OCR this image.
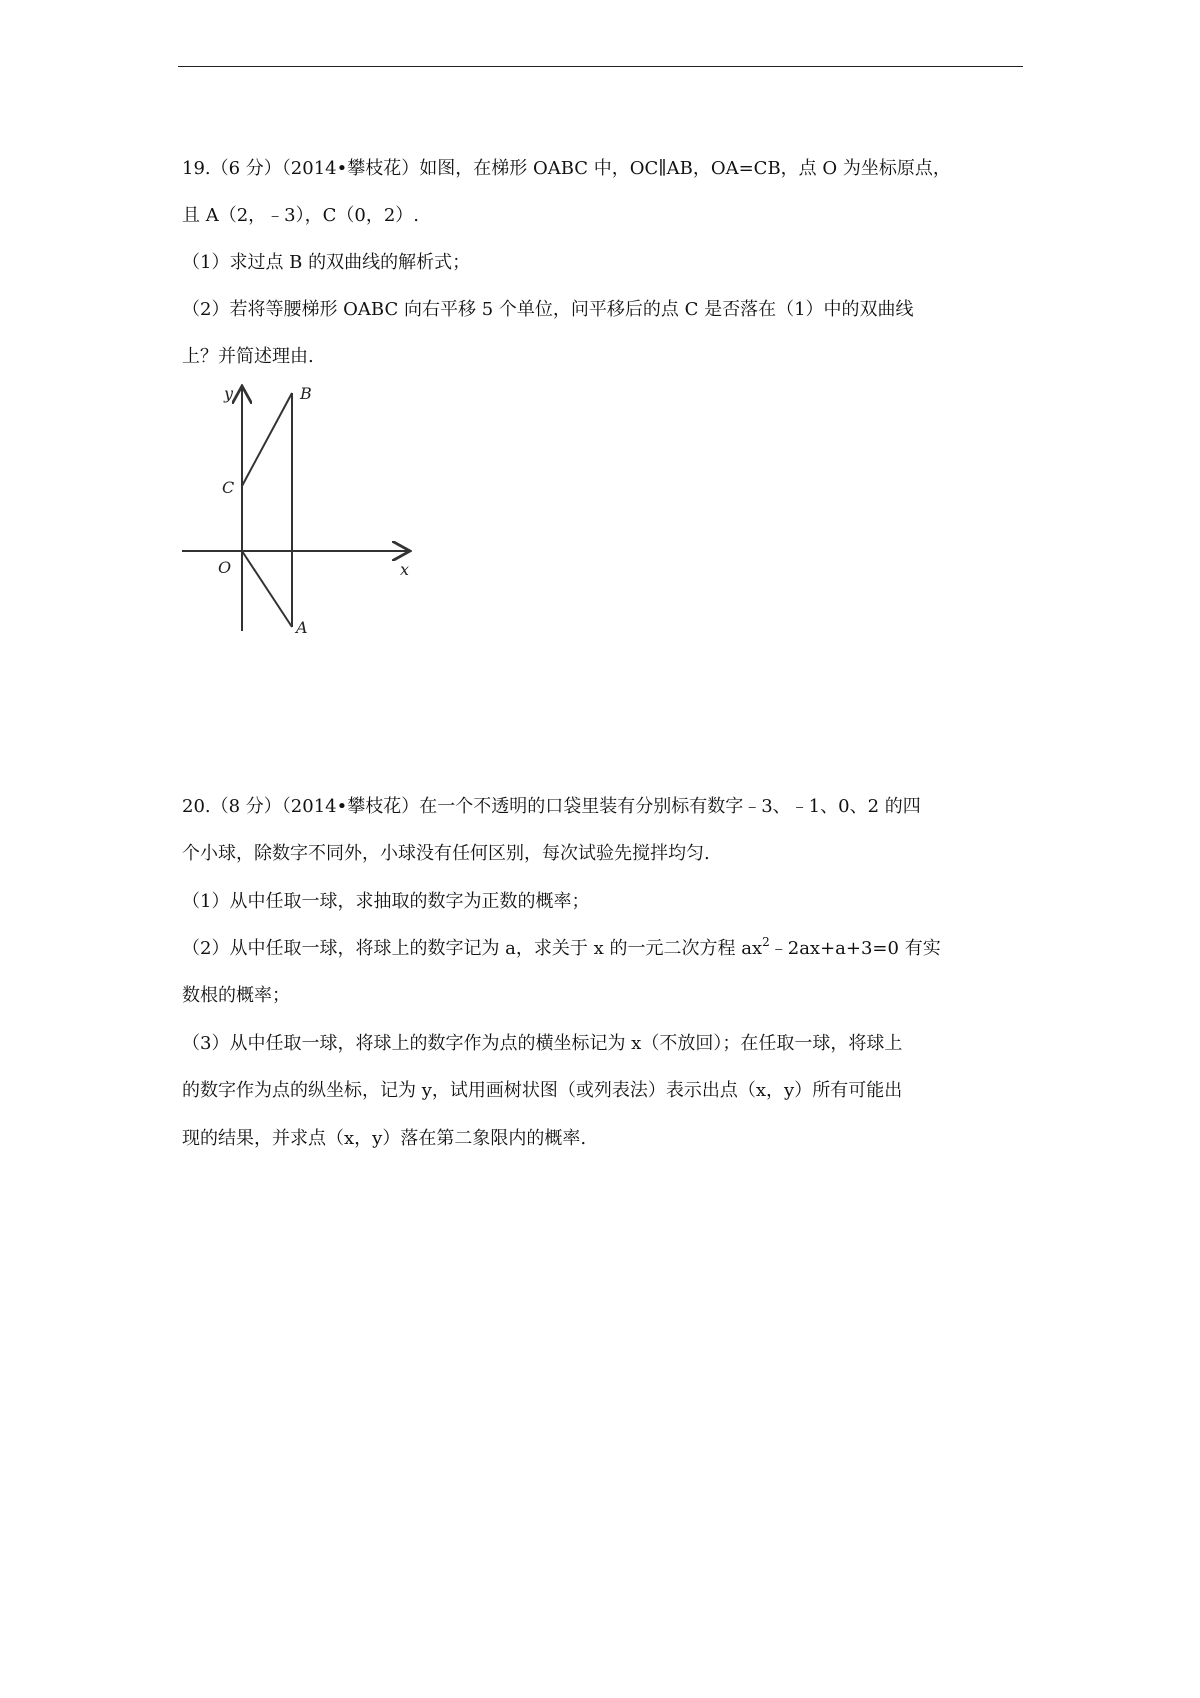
19.（6 分）（2014•攀枝花）如图，在梯形 OABC 中，OC∥AB，OA=CB，点 O 为坐标原点，
且 A（2，﹣3），C（0，2）.
（1）求过点 B 的双曲线的解析式；
（2）若将等腰梯形 OABC 向右平移 5 个单位，问平移后的点 C 是否落在（1）中的双曲线
上？并简述理由.
y	B
C
O	x
A
20.（8 分）（2014•攀枝花）在一个不透明的口袋里装有分别标有数字﹣3、﹣1、0、2 的四
个小球，除数字不同外，小球没有任何区别，每次试验先搅拌均匀.
（1）从中任取一球，求抽取的数字为正数的概率；
（2）从中任取一球，将球上的数字记为 a，求关于 x 的一元二次方程 $ax^2﹣2ax+a+3=0$ 有实
数根的概率；
（3）从中任取一球，将球上的数字作为点的横坐标记为 x（不放回）；在任取一球，将球上
的数字作为点的纵坐标，记为 y，试用画树状图（或列表法）表示出点（x，y）所有可能出
现的结果，并求点（x，y）落在第二象限内的概率.
